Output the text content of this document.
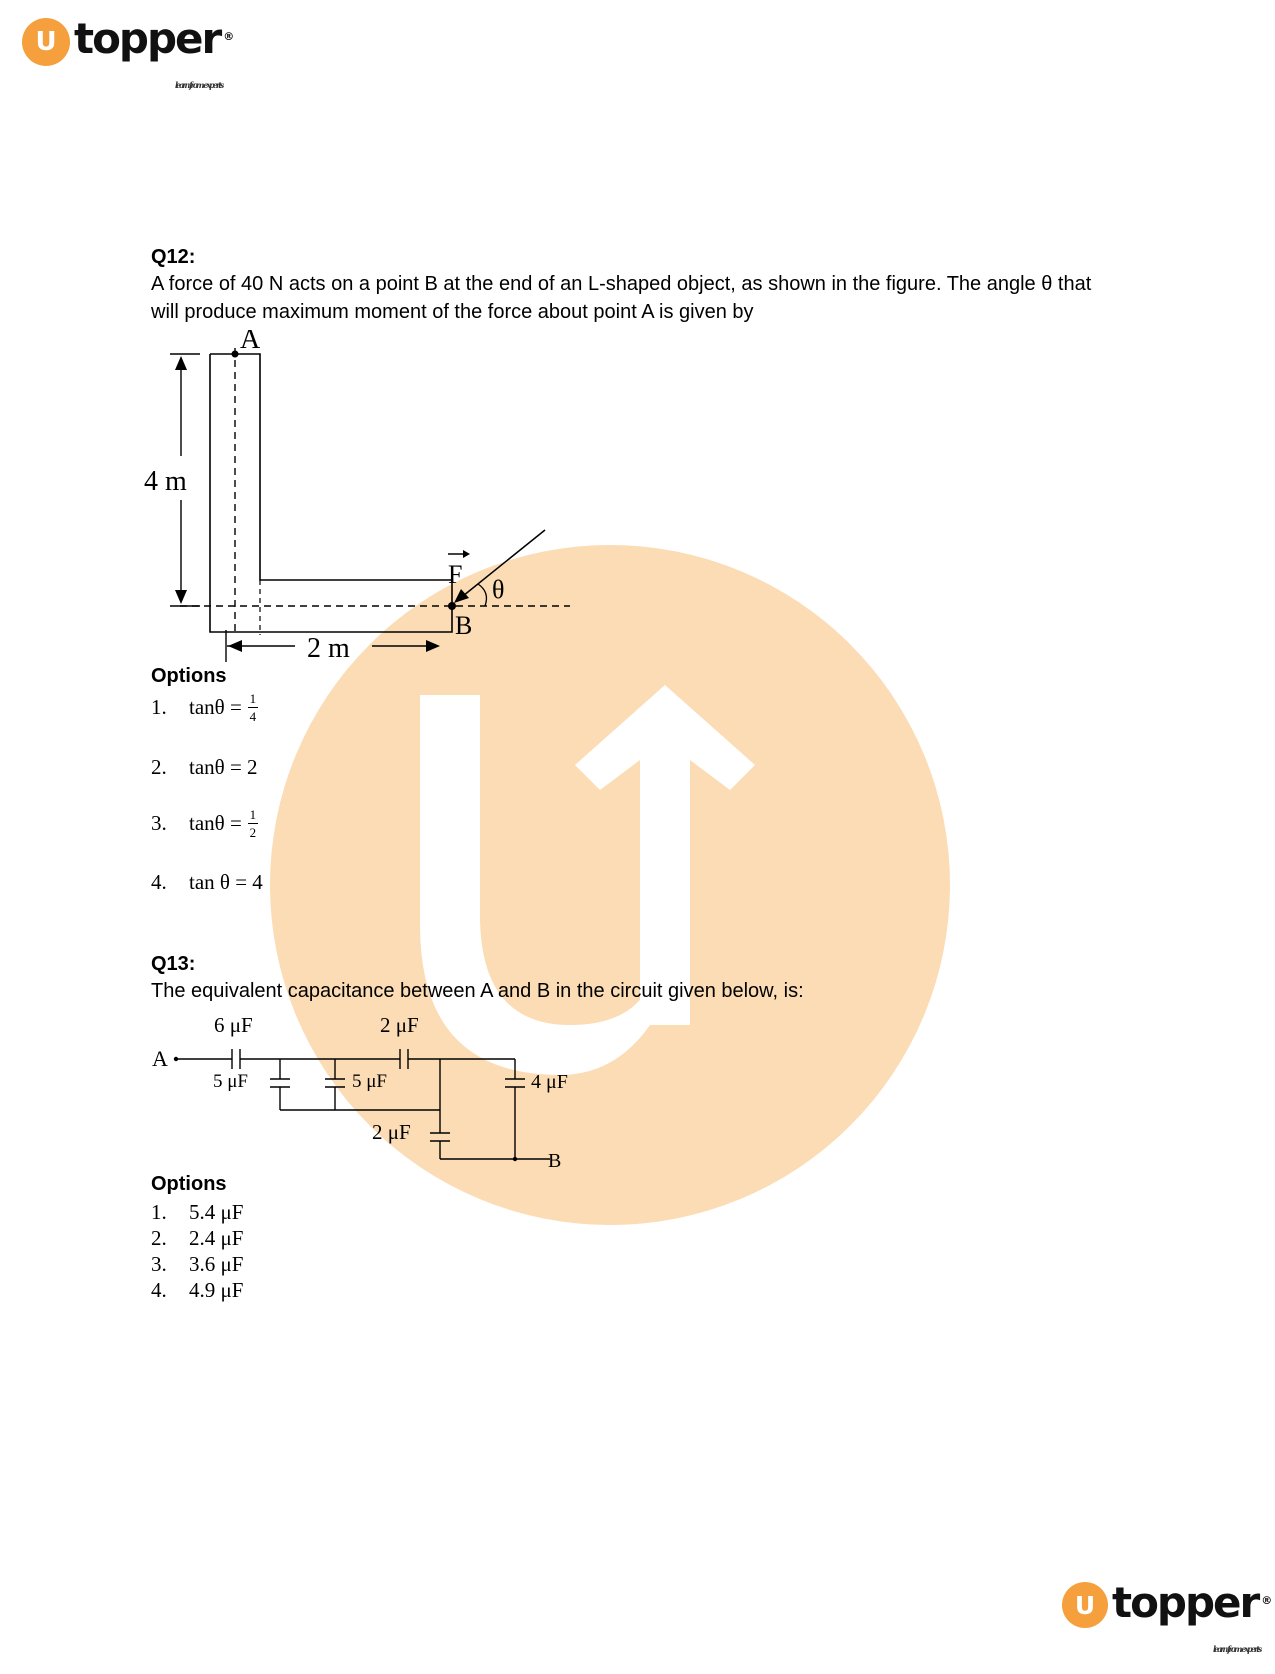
U topper ®
learn from experts
Q12:
A force of 40 N acts on a point B at the end of an L-shaped object, as shown in the figure. The angle θ that will produce maximum moment of the force about point A is given by
A
4 m
2 m
B
F
θ
Options
1.	$\tan\theta = \frac{1}{4}$
2.	tanθ = 2
3.	$\tan\theta = \frac{1}{2}$
4.	tan θ = 4
Q13:
The equivalent capacitance between A and B in the circuit given below, is:
A
B
6 μF	2 μF
5 μF	5 μF	4 μF
2 μF
Options
1.	5.4 μF
2.	2.4 μF
3.	3.6 μF
4.	4.9 μF
U topper ®
learn from experts
